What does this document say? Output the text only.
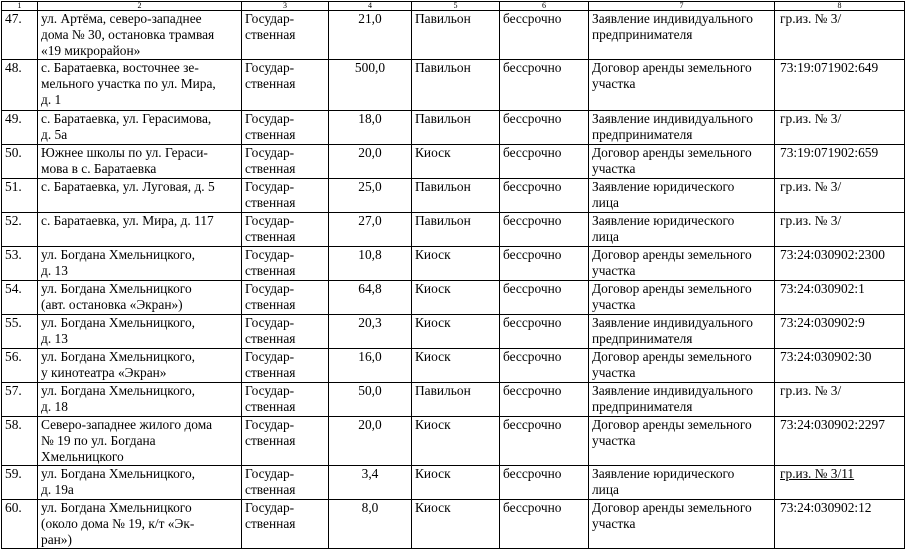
1	2	3	4	5	6	7	8

47.	ул. Артёма, северо-западнее
дома № 30, остановка трамвая
«19 микрорайон»	Государ-
ственная	21,0	Павильон	бессрочно	Заявление индивидуального
предпринимателя	гр.из. № 3/

48.	с. Баратаевка, восточнее зе-
мельного участка по ул. Мира,
д. 1	Государ-
ственная	500,0	Павильон	бессрочно	Договор аренды земельного
участка	73:19:071902:649

49.	с. Баратаевка, ул. Герасимова,
д. 5а	Государ-
ственная	18,0	Павильон	бессрочно	Заявление индивидуального
предпринимателя	гр.из. № 3/

50.	Южнее школы по ул. Гераси-
мова в с. Баратаевка	Государ-
ственная	20,0	Киоск	бессрочно	Договор аренды земельного
участка	73:19:071902:659

51.	с. Баратаевка, ул. Луговая, д. 5	Государ-
ственная	25,0	Павильон	бессрочно	Заявление юридического
лица	гр.из. № 3/

52.	с. Баратаевка, ул. Мира, д. 117	Государ-
ственная	27,0	Павильон	бессрочно	Заявление юридического
лица	гр.из. № 3/

53.	ул. Богдана Хмельницкого,
д. 13	Государ-
ственная	10,8	Киоск	бессрочно	Договор аренды земельного
участка	73:24:030902:2300

54.	ул. Богдана Хмельницкого
(авт. остановка «Экран»)	Государ-
ственная	64,8	Киоск	бессрочно	Договор аренды земельного
участка	73:24:030902:1

55.	ул. Богдана Хмельницкого,
д. 13	Государ-
ственная	20,3	Киоск	бессрочно	Заявление индивидуального
предпринимателя	73:24:030902:9

56.	ул. Богдана Хмельницкого,
у кинотеатра «Экран»	Государ-
ственная	16,0	Киоск	бессрочно	Договор аренды земельного
участка	73:24:030902:30

57.	ул. Богдана Хмельницкого,
д. 18	Государ-
ственная	50,0	Павильон	бессрочно	Заявление индивидуального
предпринимателя	гр.из. № 3/

58.	Северо-западнее жилого дома
№ 19 по ул. Богдана
Хмельницкого	Государ-
ственная	20,0	Киоск	бессрочно	Договор аренды земельного
участка	73:24:030902:2297

59.	ул. Богдана Хмельницкого,
д. 19а	Государ-
ственная	3,4	Киоск	бессрочно	Заявление юридического
лица	гр.из. № 3/11

60.	ул. Богдана Хмельницкого
(около дома № 19, к/т «Эк-
ран»)	Государ-
ственная	8,0	Киоск	бессрочно	Договор аренды земельного
участка	73:24:030902:12
